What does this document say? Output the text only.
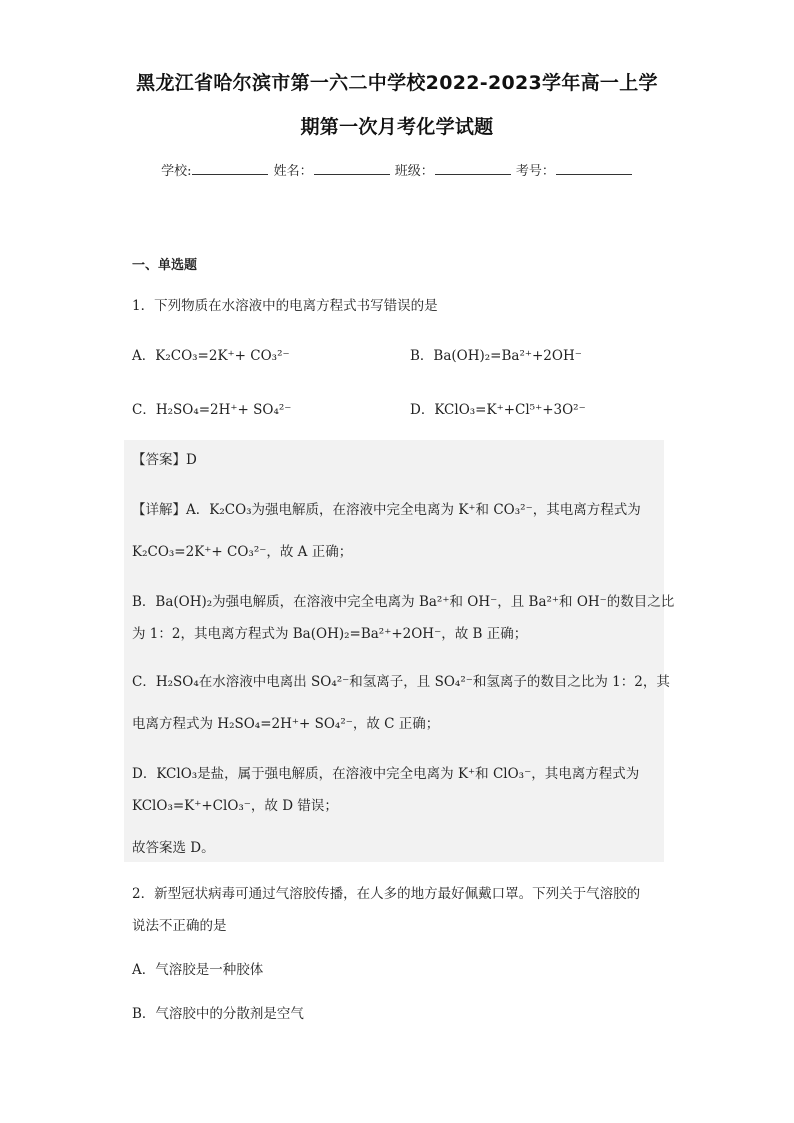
黑龙江省哈尔滨市第一六二中学校2022-2023学年高一上学
期第一次月考化学试题
学校:	姓名：	班级：	考号：
一、单选题
1．下列物质在水溶液中的电离方程式书写错误的是
A．K₂CO₃=2K⁺+ CO₃²⁻	B．Ba(OH)₂=Ba²⁺+2OH⁻
C．H₂SO₄=2H⁺+ SO₄²⁻	D．KClO₃=K⁺+Cl⁵⁺+3O²⁻
【答案】D
【详解】A．K₂CO₃为强电解质，在溶液中完全电离为 K⁺和 CO₃²⁻，其电离方程式为
K₂CO₃=2K⁺+ CO₃²⁻，故 A 正确；
B．Ba(OH)₂为强电解质，在溶液中完全电离为 Ba²⁺和 OH⁻，且 Ba²⁺和 OH⁻的数目之比
为 1：2，其电离方程式为 Ba(OH)₂=Ba²⁺+2OH⁻，故 B 正确；
C．H₂SO₄在水溶液中电离出 SO₄²⁻和氢离子，且 SO₄²⁻和氢离子的数目之比为 1：2，其
电离方程式为 H₂SO₄=2H⁺+ SO₄²⁻，故 C 正确；
D．KClO₃是盐，属于强电解质，在溶液中完全电离为 K⁺和 ClO₃⁻，其电离方程式为
KClO₃=K⁺+ClO₃⁻，故 D 错误；
故答案选 D。
2．新型冠状病毒可通过气溶胶传播，在人多的地方最好佩戴口罩。下列关于气溶胶的
说法不正确的是
A．气溶胶是一种胶体
B．气溶胶中的分散剂是空气
